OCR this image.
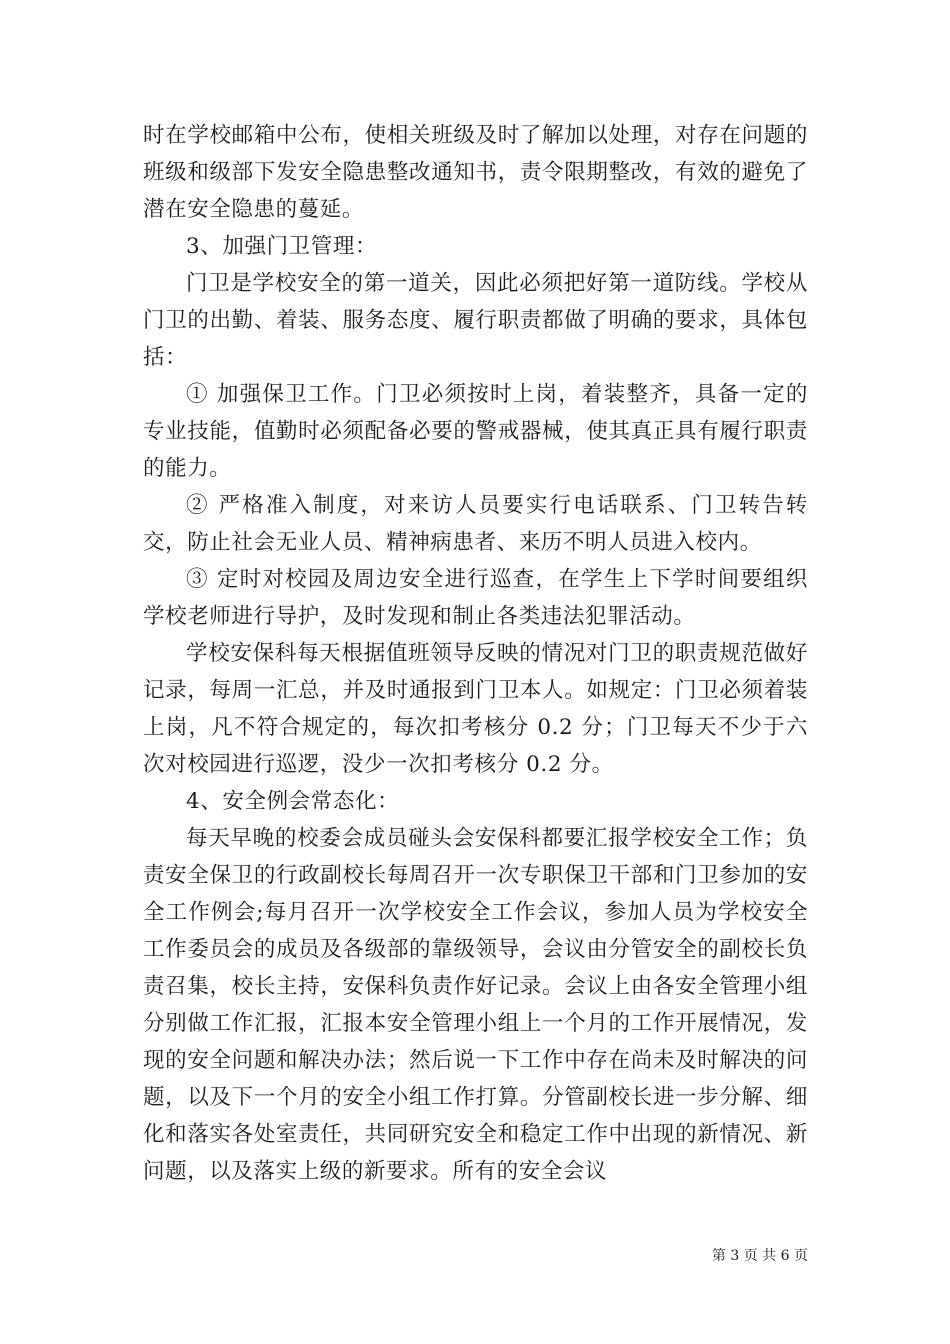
时在学校邮箱中公布，使相关班级及时了解加以处理，对存在问题的班级和级部下发安全隐患整改通知书，责令限期整改，有效的避免了潜在安全隐患的蔓延。

3、加强门卫管理：

门卫是学校安全的第一道关，因此必须把好第一道防线。学校从门卫的出勤、着装、服务态度、履行职责都做了明确的要求，具体包括：

① 加强保卫工作。门卫必须按时上岗，着装整齐，具备一定的专业技能，值勤时必须配备必要的警戒器械，使其真正具有履行职责的能力。

② 严格准入制度，对来访人员要实行电话联系、门卫转告转交，防止社会无业人员、精神病患者、来历不明人员进入校内。

③ 定时对校园及周边安全进行巡查，在学生上下学时间要组织学校老师进行导护，及时发现和制止各类违法犯罪活动。

学校安保科每天根据值班领导反映的情况对门卫的职责规范做好记录，每周一汇总，并及时通报到门卫本人。如规定：门卫必须着装上岗，凡不符合规定的，每次扣考核分 0.2 分；门卫每天不少于六次对校园进行巡逻，没少一次扣考核分 0.2 分。

4、安全例会常态化：

每天早晚的校委会成员碰头会安保科都要汇报学校安全工作；负责安全保卫的行政副校长每周召开一次专职保卫干部和门卫参加的安全工作例会;每月召开一次学校安全工作会议，参加人员为学校安全工作委员会的成员及各级部的靠级领导，会议由分管安全的副校长负责召集，校长主持，安保科负责作好记录。会议上由各安全管理小组分别做工作汇报，汇报本安全管理小组上一个月的工作开展情况，发现的安全问题和解决办法；然后说一下工作中存在尚未及时解决的问题，以及下一个月的安全小组工作打算。分管副校长进一步分解、细化和落实各处室责任，共同研究安全和稳定工作中出现的新情况、新问题，以及落实上级的新要求。所有的安全会议

第 3 页 共 6 页
